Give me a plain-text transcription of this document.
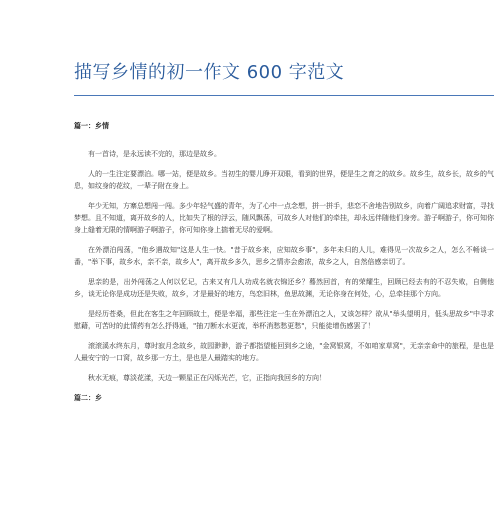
描写乡情的初一作文 600 字范文

篇一：乡情

有一首诗，是永远读不完的，那边是故乡。

人的一生注定要漂泊。哪一站，便是故乡。当初生的婴儿睁开双眼，看到的世界，便是生之育之的故乡。故乡生，故乡长，故乡的气息，如纹身的花纹，一辈子附在身上。

年少无知，方寨总想闯一闯。多少年轻气盛的青年，为了心中一点念想，拼一拼手，悲恋不舍地告别故乡，向着广阔追求财富，寻找梦想。且不知道，离开故乡的人，比如失了根的浮云，随风飘荡，可故乡人对他们的牵挂，却永远伴随他们身旁。游子啊游子，你可知你身上缝着无限的情啊游子啊游子，你可知你身上揣着无尽的爱啊。

在外漂泊闯荡，"他乡遇故知"这是人生一快。"昔于故乡来，应知故乡事"，多年未归的人儿，难得见一次故乡之人，怎么不畅谈一番，"举下事，故乡水，亲不亲，故乡人"，离开故乡多久，思乡之情亦会愈浓，故乡之人，自然倍感亲切了。

思亲的是，出外闯荡之人何以忆记，古来又有几人功成名就衣锦还乡？蓦然回首，有的荣耀生，回顾已经去有的不忍失败，自侧他乡，谈无论你是成功还是失败，故乡，才是最好的地方，鸟恋旧林，鱼思故渊，无论你身在何处，心，总牵挂那个方向。

是经历苍桑，但此在客生之年回顾故土，便是幸福，那些注定一生在外漂泊之人，又该怎样？欲从"举头望明月，低头思故乡"中寻求慰藉，可苦时的此情药有怎么抒得通，"抽刀断水水更流，举杯消愁愁更愁"，只能徒增伤感罢了！

滚滚溪水终东月，尊时寂月念故乡，故园渺渺，游子都指望能回到乡之途，"金窝银窝，不如咱家草窝"，无亲亲命中的旅程，是也是人最安宁的一口窝，故乡那一方土，是也是人最踏实的地方。

秋水无痕，尊淡花漾，天边一颗星正在闪烁光芒，它，正指向我回乡的方向！

篇二：乡
